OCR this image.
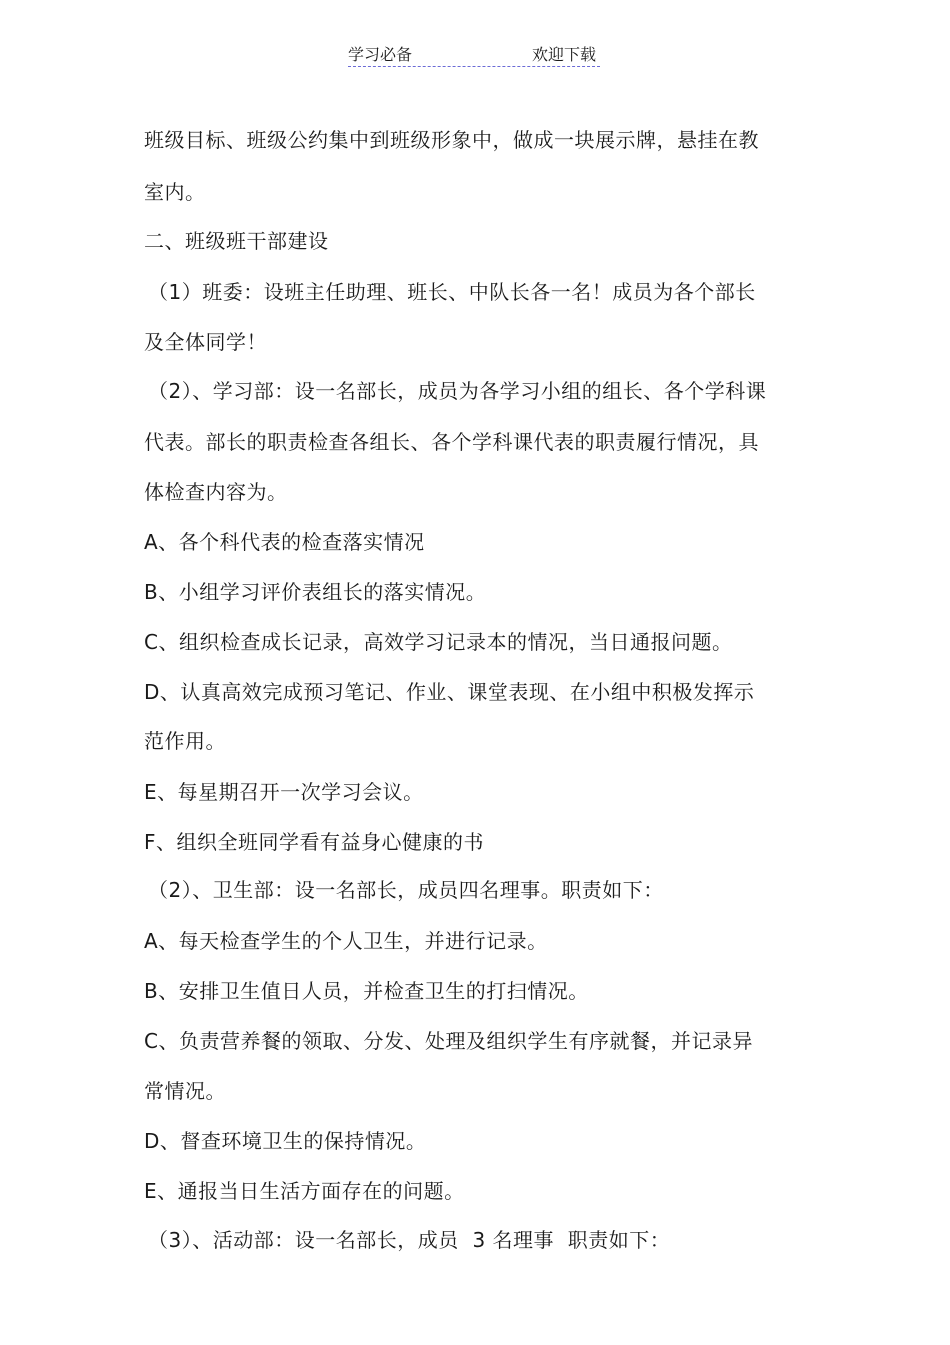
学习必备	欢迎下载
班级目标、班级公约集中到班级形象中，做成一块展示牌，悬挂在教
室内。
二、班级班干部建设
（1）班委：设班主任助理、班长、中队长各一名！成员为各个部长
及全体同学！
（2）、学习部：设一名部长，成员为各学习小组的组长、各个学科课
代表。部长的职责检查各组长、各个学科课代表的职责履行情况，具
体检查内容为。
A、各个科代表的检查落实情况
B、小组学习评价表组长的落实情况。
C、组织检查成长记录，高效学习记录本的情况，当日通报问题。
D、认真高效完成预习笔记、作业、课堂表现、在小组中积极发挥示
范作用。
E、每星期召开一次学习会议。
F、组织全班同学看有益身心健康的书
（2）、卫生部：设一名部长，成员四名理事。职责如下：
A、每天检查学生的个人卫生，并进行记录。
B、安排卫生值日人员，并检查卫生的打扫情况。
C、负责营养餐的领取、分发、处理及组织学生有序就餐，并记录异
常情况。
D、督查环境卫生的保持情况。
E、通报当日生活方面存在的问题。
（3）、活动部：设一名部长，成员  3 名理事  职责如下：
